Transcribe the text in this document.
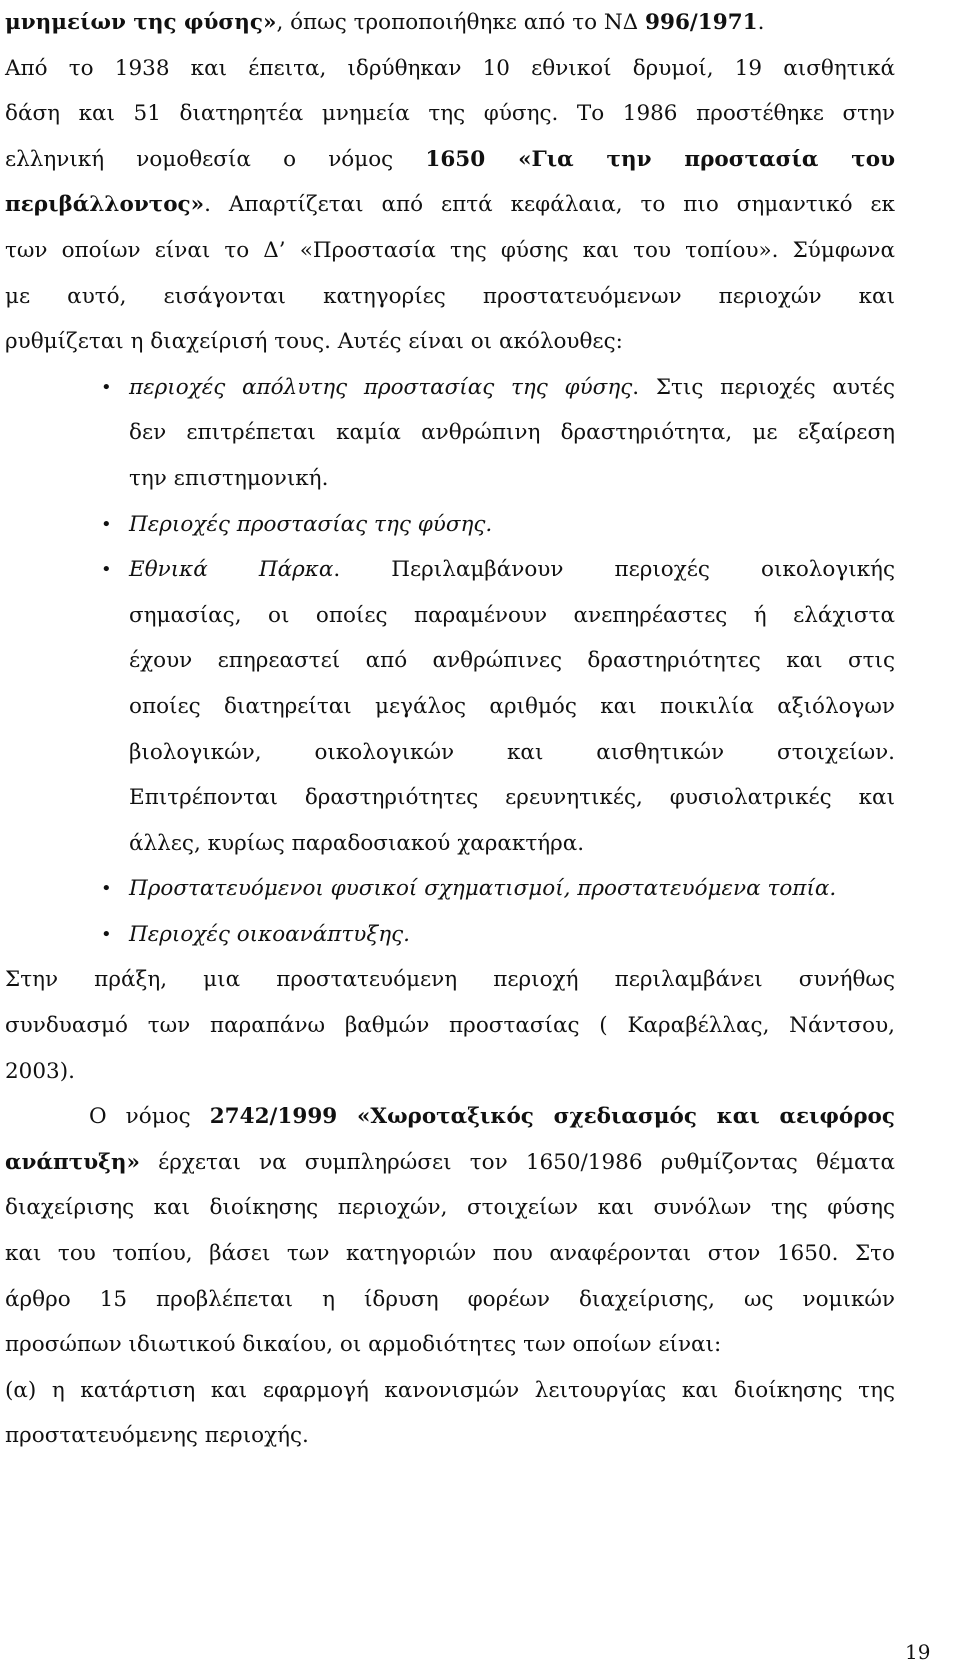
μνημείων της φύσης», όπως τροποποιήθηκε από το ΝΔ 996/1971.
Από το 1938 και έπειτα, ιδρύθηκαν 10 εθνικοί δρυμοί, 19 αισθητικά
δάση και 51 διατηρητέα μνημεία της φύσης. Το 1986 προστέθηκε στην
ελληνική νομοθεσία ο νόμος 1650 «Για την προστασία του
περιβάλλοντος». Απαρτίζεται από επτά κεφάλαια, το πιο σημαντικό εκ
των οποίων είναι το Δ’ «Προστασία της φύσης και του τοπίου». Σύμφωνα
με αυτό, εισάγονται κατηγορίες προστατευόμενων περιοχών και
ρυθμίζεται η διαχείρισή τους. Αυτές είναι οι ακόλουθες:
• περιοχές απόλυτης προστασίας της φύσης. Στις περιοχές αυτές
δεν επιτρέπεται καμία ανθρώπινη δραστηριότητα, με εξαίρεση
την επιστημονική.
• Περιοχές προστασίας της φύσης.
• Εθνικά Πάρκα. Περιλαμβάνουν περιοχές οικολογικής
σημασίας, οι οποίες παραμένουν ανεπηρέαστες ή ελάχιστα
έχουν επηρεαστεί από ανθρώπινες δραστηριότητες και στις
οποίες διατηρείται μεγάλος αριθμός και ποικιλία αξιόλογων
βιολογικών, οικολογικών και αισθητικών στοιχείων.
Επιτρέπονται δραστηριότητες ερευνητικές, φυσιολατρικές και
άλλες, κυρίως παραδοσιακού χαρακτήρα.
• Προστατευόμενοι φυσικοί σχηματισμοί, προστατευόμενα τοπία.
• Περιοχές οικοανάπτυξης.
Στην πράξη, μια προστατευόμενη περιοχή περιλαμβάνει συνήθως
συνδυασμό των παραπάνω βαθμών προστασίας ( Καραβέλλας, Νάντσου,
2003).
Ο νόμος 2742/1999 «Χωροταξικός σχεδιασμός και αειφόρος
ανάπτυξη» έρχεται να συμπληρώσει τον 1650/1986 ρυθμίζοντας θέματα
διαχείρισης και διοίκησης περιοχών, στοιχείων και συνόλων της φύσης
και του τοπίου, βάσει των κατηγοριών που αναφέρονται στον 1650. Στο
άρθρο 15 προβλέπεται η ίδρυση φορέων διαχείρισης, ως νομικών
προσώπων ιδιωτικού δικαίου, οι αρμοδιότητες των οποίων είναι:
(α) η κατάρτιση και εφαρμογή κανονισμών λειτουργίας και διοίκησης της
προστατευόμενης περιοχής.
19
